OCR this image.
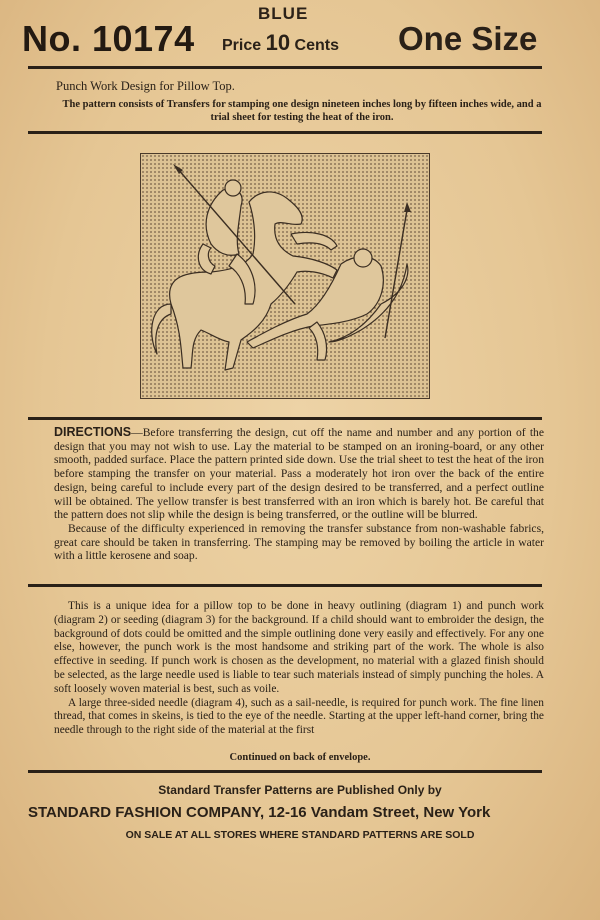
BLUE
No. 10174 Price 10 Cents One Size
Punch Work Design for Pillow Top.
The pattern consists of Transfers for stamping one design nineteen inches long by fifteen inches wide, and a trial sheet for testing the heat of the iron.
DIRECTIONS—Before transferring the design, cut off the name and number and any portion of the design that you may not wish to use. Lay the material to be stamped on an ironing-board, or any other smooth, padded surface. Place the pattern printed side down. Use the trial sheet to test the heat of the iron before stamping the transfer on your material. Pass a moderately hot iron over the back of the entire design, being careful to include every part of the design desired to be transferred, and a perfect outline will be obtained. The yellow transfer is best transferred with an iron which is barely hot. Be careful that the pattern does not slip while the design is being transferred, or the outline will be blurred.
Because of the difficulty experienced in removing the transfer substance from non-washable fabrics, great care should be taken in transferring. The stamping may be removed by boiling the article in water with a little kerosene and soap.

This is a unique idea for a pillow top to be done in heavy outlining (diagram 1) and punch work (diagram 2) or seeding (diagram 3) for the background. If a child should want to embroider the design, the background of dots could be omitted and the simple outlining done very easily and effectively. For any one else, however, the punch work is the most handsome and striking part of the work. The whole is also effective in seeding. If punch work is chosen as the development, no material with a glazed finish should be selected, as the large needle used is liable to tear such materials instead of simply punching the holes. A soft loosely woven material is best, such as voile.

A large three-sided needle (diagram 4), such as a sail-needle, is required for punch work. The fine linen thread, that comes in skeins, is tied to the eye of the needle. Starting at the upper left-hand corner, bring the needle through to the right side of the material at the first

Continued on back of envelope.
Standard Transfer Patterns are Published Only by
STANDARD FASHION COMPANY, 12-16 Vandam Street, New York
ON SALE AT ALL STORES WHERE STANDARD PATTERNS ARE SOLD
